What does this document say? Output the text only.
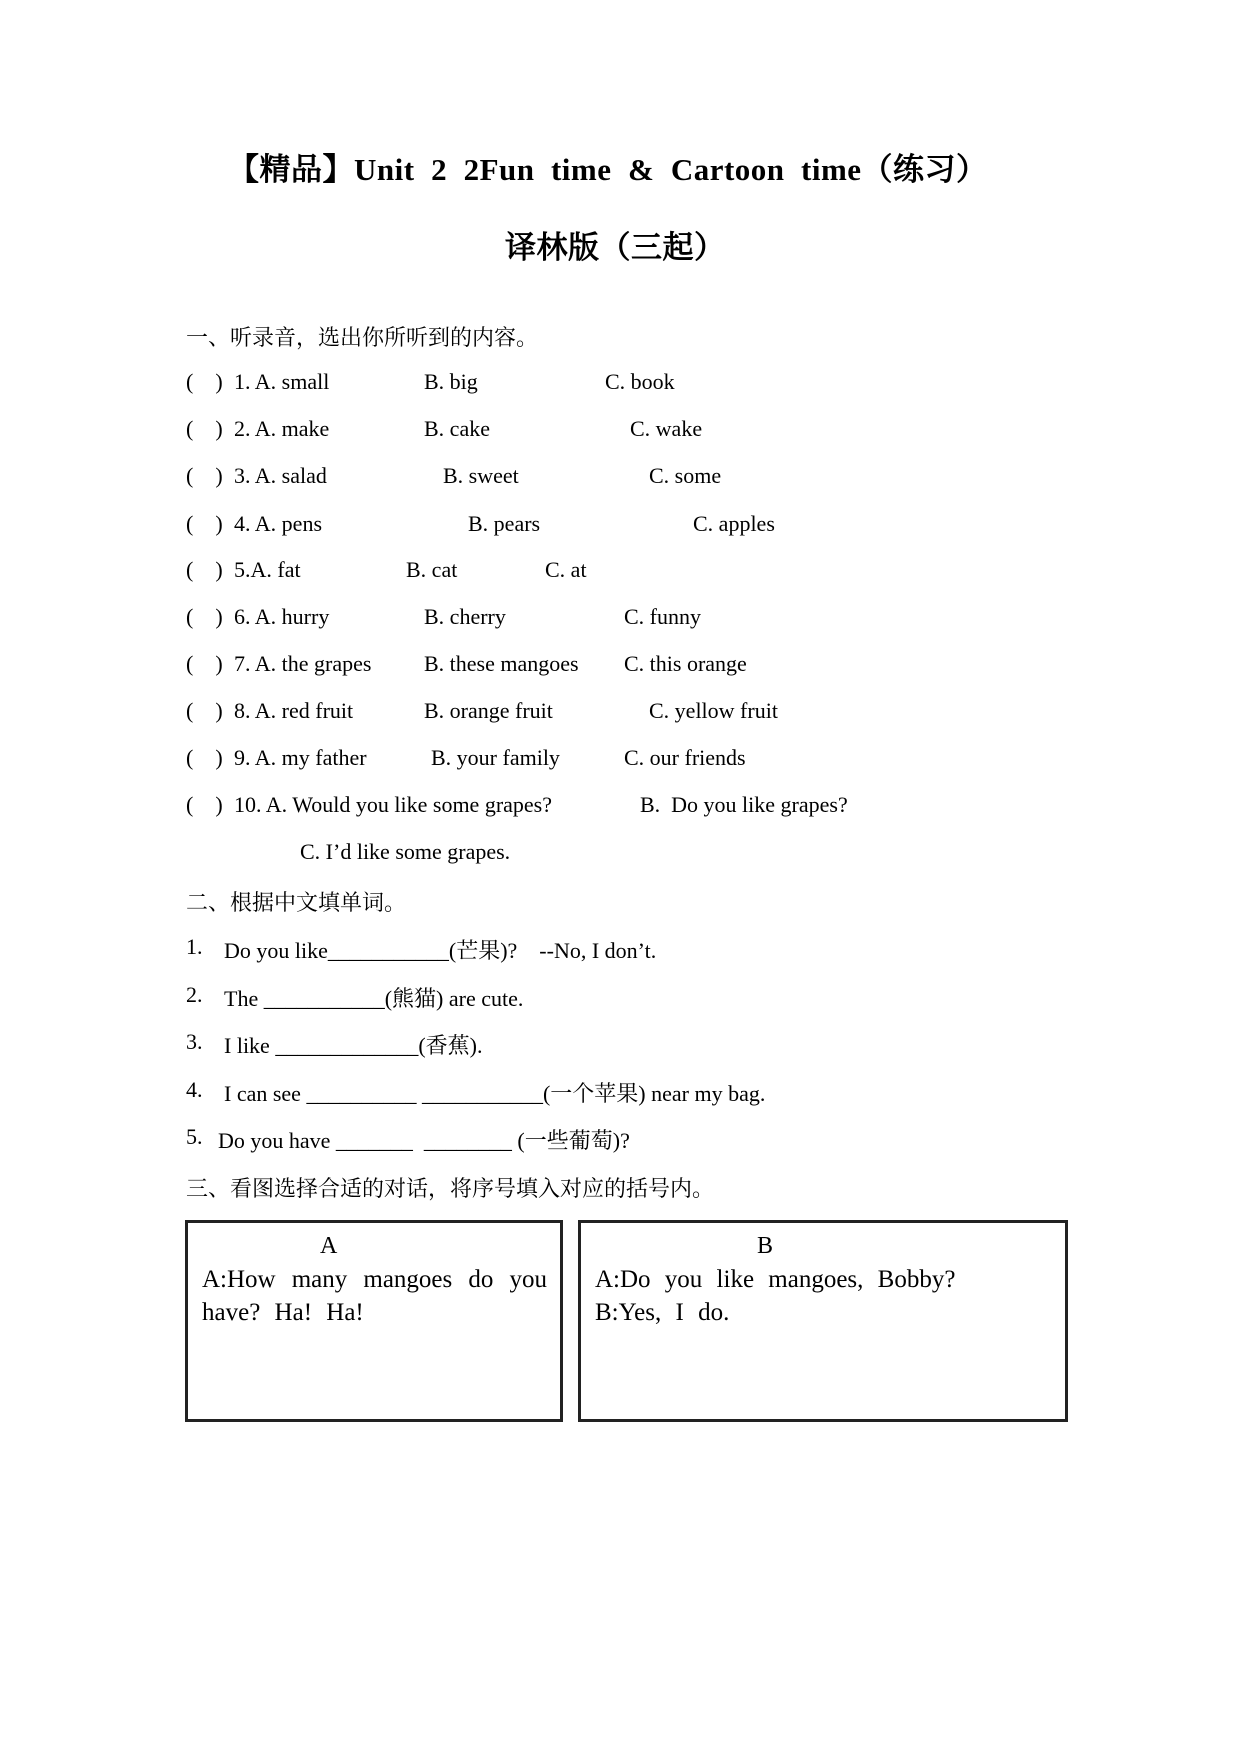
【精品】Unit  2  2Fun  time  &  Cartoon  time（练习）
译林版（三起）
一、听录音，选出你所听到的内容。
(    ) 1. A. small	B. big	C. book
(    ) 2. A. make	B. cake	C. wake
(    ) 3. A. salad	B. sweet	C. some
(    ) 4. A. pens	B. pears	C. apples
(    ) 5.A. fat	B. cat	C. at
(    ) 6. A. hurry	B. cherry	C. funny
(    ) 7. A. the grapes B. these mangoes C. this orange
(    ) 8. A. red fruit	B. orange fruit	C. yellow fruit
(    ) 9. A. my father	B. your family	C. our friends
(    ) 10. A. Would you like some grapes?	B.  Do you like grapes?
C. I’d like some grapes.
二、根据中文填单词。
1. Do you like___________(芒果)?    --No, I don’t.
2. The ___________(熊猫) are cute.
3. I like _____________(香蕉).
4. I can see __________ ___________(一个苹果) near my bag.
5. Do you have _______  ________ (一些葡萄)?
三、看图选择合适的对话，将序号填入对应的括号内。
A
A:How many mangoes do you have? Ha! Ha!
B
A:Do you like mangoes, Bobby?
B:Yes, I do.
